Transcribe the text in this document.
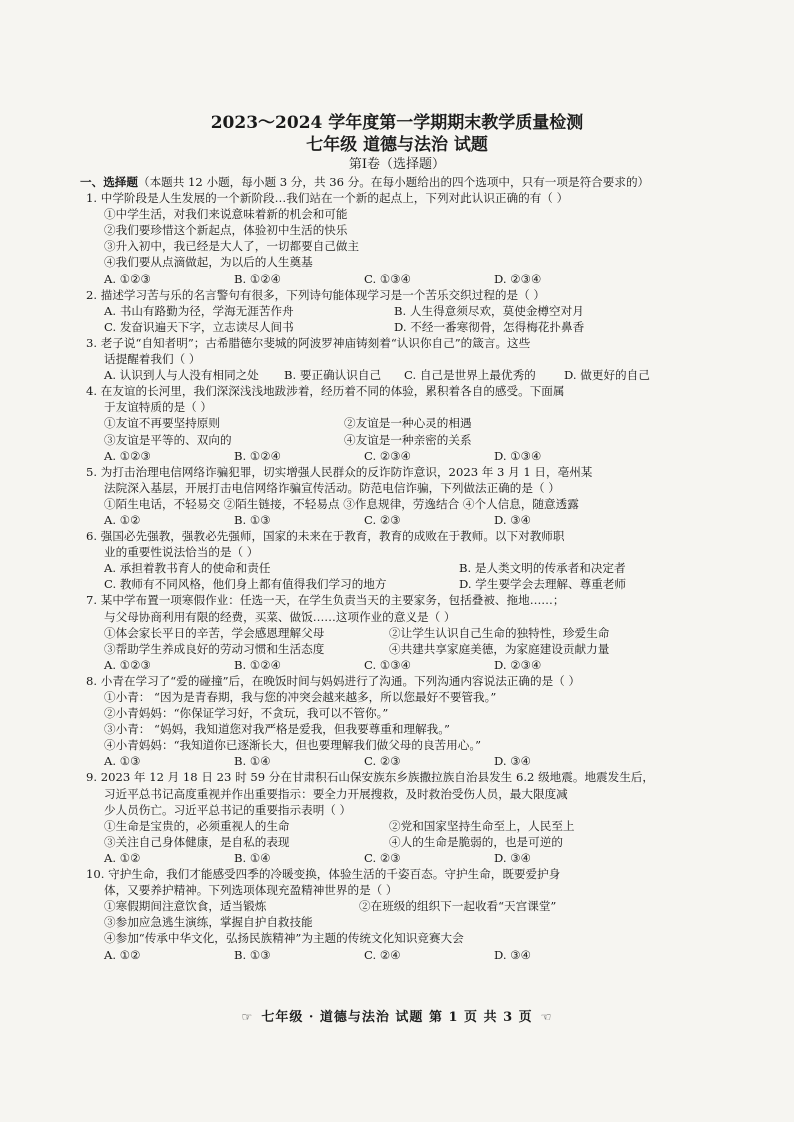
2023～2024 学年度第一学期期末教学质量检测
七年级 道德与法治 试题
第Ⅰ卷（选择题）
一、选择题（本题共 12 小题，每小题 3 分，共 36 分。在每小题给出的四个选项中，只有一项是符合要求的）
1. 中学阶段是人生发展的一个新阶段…我们站在一个新的起点上，下列对此认识正确的有（ ）
①中学生活，对我们来说意味着新的机会和可能
②我们要珍惜这个新起点，体验初中生活的快乐
③升入初中，我已经是大人了，一切都要自己做主
④我们要从点滴做起，为以后的人生奠基
A. ①②③	B. ①②④	C. ①③④	D. ②③④
2. 描述学习苦与乐的名言警句有很多，下列诗句能体现学习是一个苦乐交织过程的是（ ）
A. 书山有路勤为径，学海无涯苦作舟	B. 人生得意须尽欢，莫使金樽空对月
C. 发奋识遍天下字，立志读尽人间书	D. 不经一番寒彻骨，怎得梅花扑鼻香
3. 老子说“自知者明”；古希腊德尔斐城的阿波罗神庙铸刻着“认识你自己”的箴言。这些
话提醒着我们（ ）
A. 认识到人与人没有相同之处	B. 要正确认识自己	C. 自己是世界上最优秀的	D. 做更好的自己
4. 在友谊的长河里，我们深深浅浅地跋涉着，经历着不同的体验，累积着各自的感受。下面属
于友谊特质的是（ ）
①友谊不再要坚持原则	②友谊是一种心灵的相遇
③友谊是平等的、双向的	④友谊是一种亲密的关系
A. ①②③	B. ①②④	C. ②③④	D. ①③④
5. 为打击治理电信网络诈骗犯罪，切实增强人民群众的反诈防诈意识，2023 年 3 月 1 日，亳州某
法院深入基层，开展打击电信网络诈骗宣传活动。防范电信诈骗，下列做法正确的是（ ）
①陌生电话，不轻易交 ②陌生链接，不轻易点 ③作息规律，劳逸结合 ④个人信息，随意透露
A. ①②	B. ①③	C. ②③	D. ③④
6. 强国必先强教，强教必先强师，国家的未来在于教育，教育的成败在于教师。以下对教师职
业的重要性说法恰当的是（ ）
A. 承担着教书育人的使命和责任	B. 是人类文明的传承者和决定者
C. 教师有不同风格，他们身上都有值得我们学习的地方	D. 学生要学会去理解、尊重老师
7. 某中学布置一项寒假作业：任选一天，在学生负责当天的主要家务，包括叠被、拖地……；
与父母协商利用有限的经费，买菜、做饭……这项作业的意义是（ ）
①体会家长平日的辛苦，学会感恩理解父母	②让学生认识自己生命的独特性，珍爱生命
③帮助学生养成良好的劳动习惯和生活态度	④共建共享家庭美德，为家庭建设贡献力量
A. ①②③	B. ①②④	C. ①③④	D. ②③④
8. 小青在学习了“爱的碰撞”后，在晚饭时间与妈妈进行了沟通。下列沟通内容说法正确的是（ ）
①小青： “因为是青春期，我与您的冲突会越来越多，所以您最好不要管我。”
②小青妈妈：“你保证学习好，不贪玩，我可以不管你。”
③小青： “妈妈，我知道您对我严格是爱我，但我要尊重和理解我。”
④小青妈妈：“我知道你已逐渐长大，但也要理解我们做父母的良苦用心。”
A. ①③	B. ①④	C. ②③	D. ③④
9. 2023 年 12 月 18 日 23 时 59 分在甘肃积石山保安族东乡族撒拉族自治县发生 6.2 级地震。地震发生后，
习近平总书记高度重视并作出重要指示：要全力开展搜救，及时救治受伤人员，最大限度减
少人员伤亡。习近平总书记的重要指示表明（ ）
①生命是宝贵的，必须重视人的生命	②党和国家坚持生命至上，人民至上
③关注自己身体健康，是自私的表现	④人的生命是脆弱的，也是可逆的
A. ①②	B. ①④	C. ②③	D. ③④
10. 守护生命，我们才能感受四季的冷暖变换，体验生活的千姿百态。守护生命，既要爱护身
体，又要养护精神。下列选项体现充盈精神世界的是（ ）
①寒假期间注意饮食，适当锻炼	②在班级的组织下一起收看“天宫课堂”
③参加应急逃生演练，掌握自护自救技能
④参加“传承中华文化，弘扬民族精神”为主题的传统文化知识竞赛大会
A. ①②	B. ①③	C. ②④	D. ③④
☞ 七年级 · 道德与法治 试题 第 1 页 共 3 页 ☜
